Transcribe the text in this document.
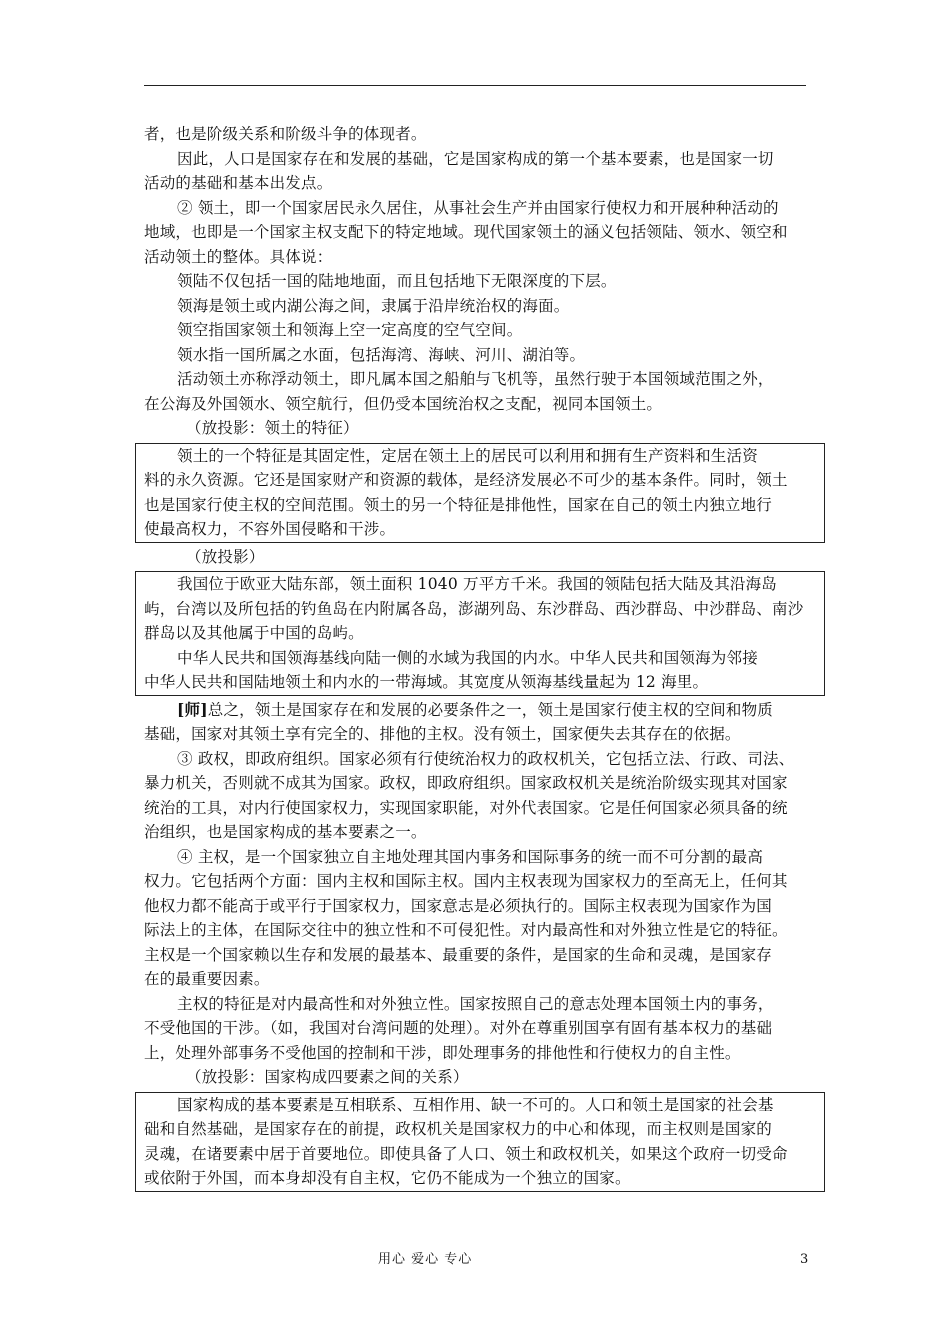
者，也是阶级关系和阶级斗争的体现者。
因此，人口是国家存在和发展的基础，它是国家构成的第一个基本要素，也是国家一切
活动的基础和基本出发点。
② 领土，即一个国家居民永久居住，从事社会生产并由国家行使权力和开展种种活动的
地域，也即是一个国家主权支配下的特定地域。现代国家领土的涵义包括领陆、领水、领空和
活动领土的整体。具体说：
领陆不仅包括一国的陆地地面，而且包括地下无限深度的下层。
领海是领土或内湖公海之间，隶属于沿岸统治权的海面。
领空指国家领土和领海上空一定高度的空气空间。
领水指一国所属之水面，包括海湾、海峡、河川、湖泊等。
活动领土亦称浮动领土，即凡属本国之船舶与飞机等，虽然行驶于本国领域范围之外，
在公海及外国领水、领空航行，但仍受本国统治权之支配，视同本国领土。
（放投影：领土的特征）
领土的一个特征是其固定性，定居在领土上的居民可以利用和拥有生产资料和生活资
料的永久资源。它还是国家财产和资源的载体，是经济发展必不可少的基本条件。同时，领土
也是国家行使主权的空间范围。领土的另一个特征是排他性，国家在自己的领土内独立地行
使最高权力，不容外国侵略和干涉。
（放投影）
我国位于欧亚大陆东部，领土面积 1040 万平方千米。我国的领陆包括大陆及其沿海岛
屿，台湾以及所包括的钓鱼岛在内附属各岛，澎湖列岛、东沙群岛、西沙群岛、中沙群岛、南沙
群岛以及其他属于中国的岛屿。
中华人民共和国领海基线向陆一侧的水域为我国的内水。中华人民共和国领海为邻接
中华人民共和国陆地领土和内水的一带海域。其宽度从领海基线量起为 12 海里。
[师]总之，领土是国家存在和发展的必要条件之一，领土是国家行使主权的空间和物质
基础，国家对其领土享有完全的、排他的主权。没有领土，国家便失去其存在的依据。
③ 政权，即政府组织。国家必须有行使统治权力的政权机关，它包括立法、行政、司法、
暴力机关，否则就不成其为国家。政权，即政府组织。国家政权机关是统治阶级实现其对国家
统治的工具，对内行使国家权力，实现国家职能，对外代表国家。它是任何国家必须具备的统
治组织，也是国家构成的基本要素之一。
④ 主权，是一个国家独立自主地处理其国内事务和国际事务的统一而不可分割的最高
权力。它包括两个方面：国内主权和国际主权。国内主权表现为国家权力的至高无上，任何其
他权力都不能高于或平行于国家权力，国家意志是必须执行的。国际主权表现为国家作为国
际法上的主体，在国际交往中的独立性和不可侵犯性。对内最高性和对外独立性是它的特征。
主权是一个国家赖以生存和发展的最基本、最重要的条件，是国家的生命和灵魂，是国家存
在的最重要因素。
主权的特征是对内最高性和对外独立性。国家按照自己的意志处理本国领土内的事务，
不受他国的干涉。（如，我国对台湾问题的处理）。对外在尊重别国享有固有基本权力的基础
上，处理外部事务不受他国的控制和干涉，即处理事务的排他性和行使权力的自主性。
（放投影：国家构成四要素之间的关系）
国家构成的基本要素是互相联系、互相作用、缺一不可的。人口和领土是国家的社会基
础和自然基础，是国家存在的前提，政权机关是国家权力的中心和体现，而主权则是国家的
灵魂，在诸要素中居于首要地位。即使具备了人口、领土和政权机关，如果这个政府一切受命
或依附于外国，而本身却没有自主权，它仍不能成为一个独立的国家。
用心 爱心 专心	3
